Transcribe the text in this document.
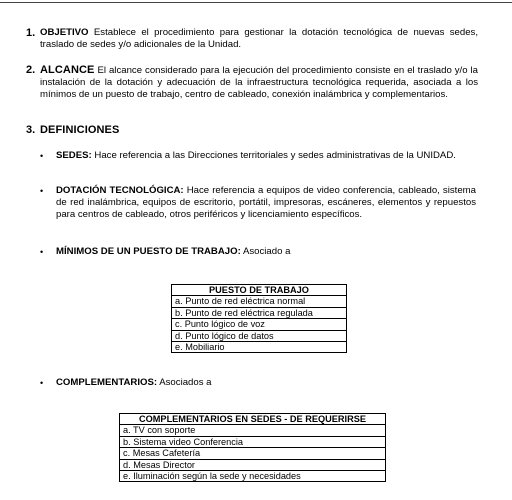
1. OBJETIVO Establece el procedimiento para gestionar la dotación tecnológica de nuevas sedes, traslado de sedes y/o adicionales de la Unidad.
2. ALCANCE El alcance considerado para la ejecución del procedimiento consiste en el traslado y/o la instalación de la dotación y adecuación de la infraestructura tecnológica requerida, asociada a los mínimos de un puesto de trabajo, centro de cableado, conexión inalámbrica y complementarios.
3. DEFINICIONES
• SEDES: Hace referencia a las Direcciones territoriales y sedes administrativas de la UNIDAD.
• DOTACIÓN TECNOLÓGICA: Hace referencia a equipos de video conferencia, cableado, sistema de red inalámbrica, equipos de escritorio, portátil, impresoras, escáneres, elementos y repuestos para centros de cableado, otros periféricos y licenciamiento específicos.
• MÍNIMOS DE UN PUESTO DE TRABAJO: Asociado a
PUESTO DE TRABAJO
a. Punto de red eléctrica normal
b. Punto de red eléctrica regulada
c. Punto lógico de voz
d. Punto lógico de datos
e. Mobiliario
• COMPLEMENTARIOS: Asociados a
COMPLEMENTARIOS EN SEDES - DE REQUERIRSE
a. TV con soporte
b. Sistema video Conferencia
c. Mesas Cafetería
d. Mesas Director
e. Iluminación según la sede y necesidades
